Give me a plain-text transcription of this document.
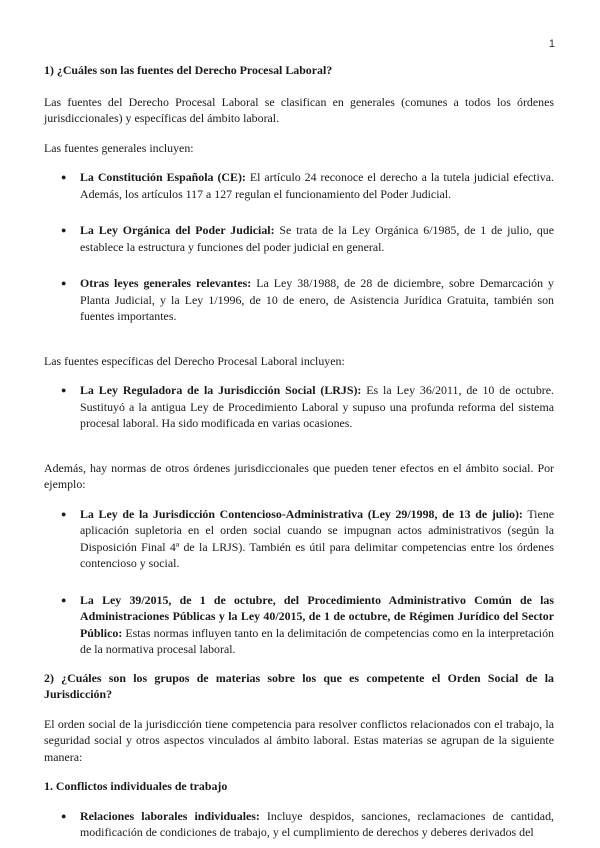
1
1) ¿Cuáles son las fuentes del Derecho Procesal Laboral?

Las fuentes del Derecho Procesal Laboral se clasifican en generales (comunes a todos los órdenes jurisdiccionales) y específicas del ámbito laboral.

Las fuentes generales incluyen:

● La Constitución Española (CE): El artículo 24 reconoce el derecho a la tutela judicial efectiva. Además, los artículos 117 a 127 regulan el funcionamiento del Poder Judicial.
● La Ley Orgánica del Poder Judicial: Se trata de la Ley Orgánica 6/1985, de 1 de julio, que establece la estructura y funciones del poder judicial en general.
● Otras leyes generales relevantes: La Ley 38/1988, de 28 de diciembre, sobre Demarcación y Planta Judicial, y la Ley 1/1996, de 10 de enero, de Asistencia Jurídica Gratuita, también son fuentes importantes.

Las fuentes específicas del Derecho Procesal Laboral incluyen:

● La Ley Reguladora de la Jurisdicción Social (LRJS): Es la Ley 36/2011, de 10 de octubre. Sustituyó a la antigua Ley de Procedimiento Laboral y supuso una profunda reforma del sistema procesal laboral. Ha sido modificada en varias ocasiones.

Además, hay normas de otros órdenes jurisdiccionales que pueden tener efectos en el ámbito social. Por ejemplo:

● La Ley de la Jurisdicción Contencioso-Administrativa (Ley 29/1998, de 13 de julio): Tiene aplicación supletoria en el orden social cuando se impugnan actos administrativos (según la Disposición Final 4ª de la LRJS). También es útil para delimitar competencias entre los órdenes contencioso y social.
● La Ley 39/2015, de 1 de octubre, del Procedimiento Administrativo Común de las Administraciones Públicas y la Ley 40/2015, de 1 de octubre, de Régimen Jurídico del Sector Público: Estas normas influyen tanto en la delimitación de competencias como en la interpretación de la normativa procesal laboral.
2) ¿Cuáles son los grupos de materias sobre los que es competente el Orden Social de la Jurisdicción?

El orden social de la jurisdicción tiene competencia para resolver conflictos relacionados con el trabajo, la seguridad social y otros aspectos vinculados al ámbito laboral. Estas materias se agrupan de la siguiente manera:

1. Conflictos individuales de trabajo
● Relaciones laborales individuales: Incluye despidos, sanciones, reclamaciones de cantidad, modificación de condiciones de trabajo, y el cumplimiento de derechos y deberes derivados del
